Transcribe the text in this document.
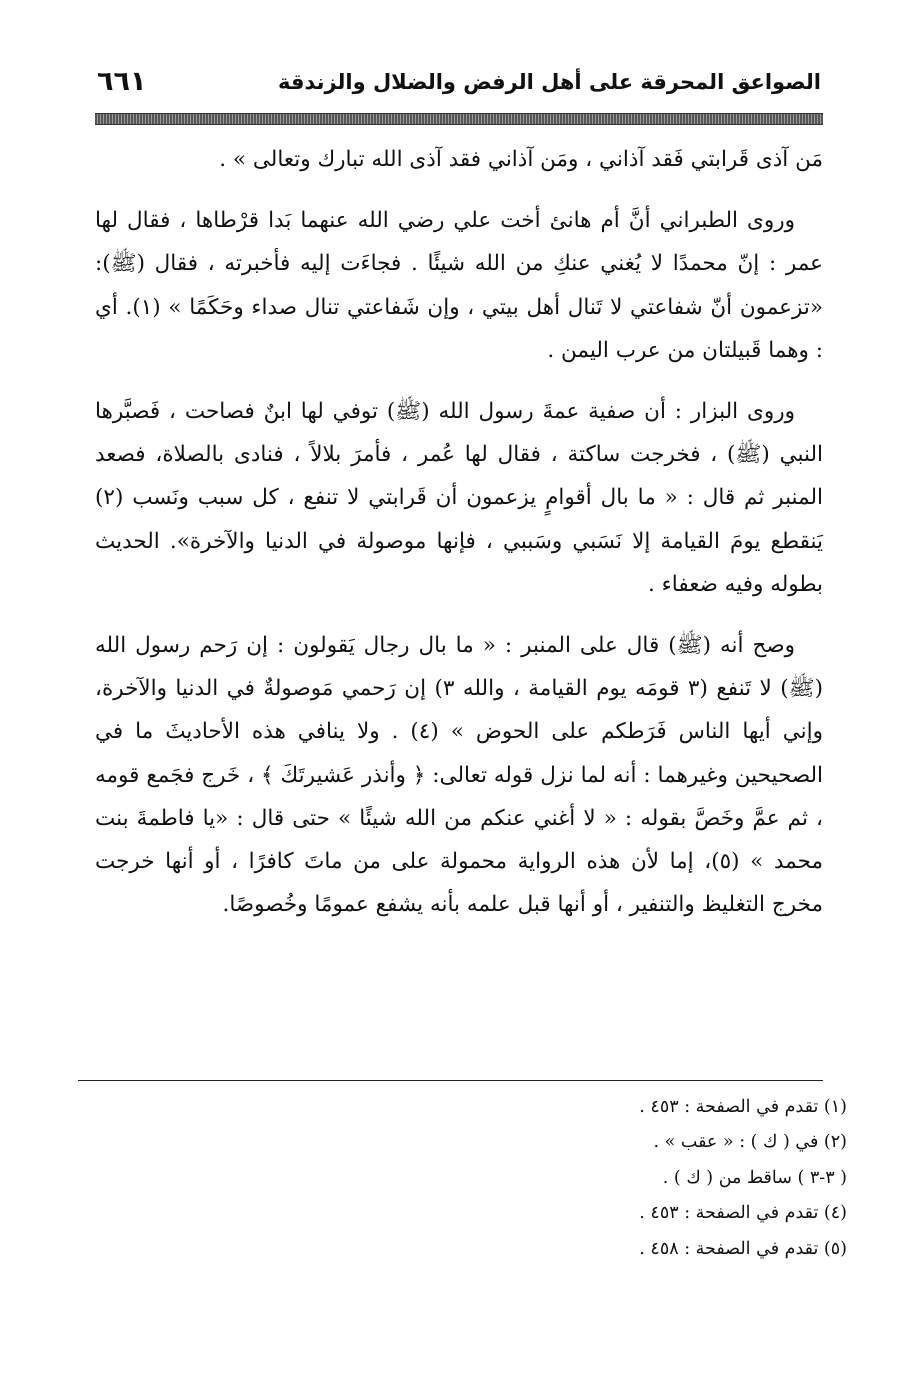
الصواعق المحرقة على أهل الرفض والضلال والزندقة
٦٦١

مَن آذى قَرابتي فَقد آذاني ، ومَن آذاني فقد آذى الله تبارك وتعالى » .

وروى الطبراني أنَّ أم هانئ أخت علي رضي الله عنهما بَدا قرْطاها ، فقال لها عمر : إنّ محمدًا لا يُغني عنكِ من الله شيئًا . فجاءَت إليه فأخبرته ، فقال (ﷺ): «تزعمون أنّ شفاعتي لا تَنال أهل بيتي ، وإن شَفاعتي تنال صداء وحَكَمًا » (١). أي : وهما قَبيلتان من عرب اليمن .

وروى البزار : أن صفية عمةَ رسول الله (ﷺ) توفي لها ابنٌ فصاحت ، فَصبَّرها النبي (ﷺ) ، فخرجت ساكتة ، فقال لها عُمر ، فأمرَ بلالاً ، فنادى بالصلاة، فصعد المنبر ثم قال : « ما بال أقوامٍ يزعمون أن قَرابتي لا تنفع ، كل سبب ونَسب (٢) يَنقطع يومَ القيامة إلا نَسَبي وسَببي ، فإنها موصولة في الدنيا والآخرة». الحديث بطوله وفيه ضعفاء .

وصح أنه (ﷺ) قال على المنبر : « ما بال رجال يَقولون : إن رَحم رسول الله (ﷺ) لا تَنفع (٣ قومَه يوم القيامة ، والله ٣) إن رَحمي مَوصولةٌ في الدنيا والآخرة، وإني أيها الناس فَرَطكم على الحوض » (٤) . ولا ينافي هذه الأحاديثَ ما في الصحيحين وغيرهما : أنه لما نزل قوله تعالى: ﴿ وأنذر عَشيرتَكَ ﴾ ، خَرج فجَمع قومه ، ثم عمَّ وخَصَّ بقوله : « لا أغني عنكم من الله شيئًا » حتى قال : «يا فاطمةَ بنت محمد » (٥)، إما لأن هذه الرواية محمولة على من ماتَ كافرًا ، أو أنها خرجت مخرج التغليظ والتنفير ، أو أنها قبل علمه بأنه يشفع عمومًا وخُصوصًا.

(١) تقدم في الصفحة : ٤٥٣ .

(٢) في ( ك ) : « عقب » .

( ٣-٣ ) ساقط من ( ك ) .

(٤) تقدم في الصفحة : ٤٥٣ .

(٥) تقدم في الصفحة : ٤٥٨ .
